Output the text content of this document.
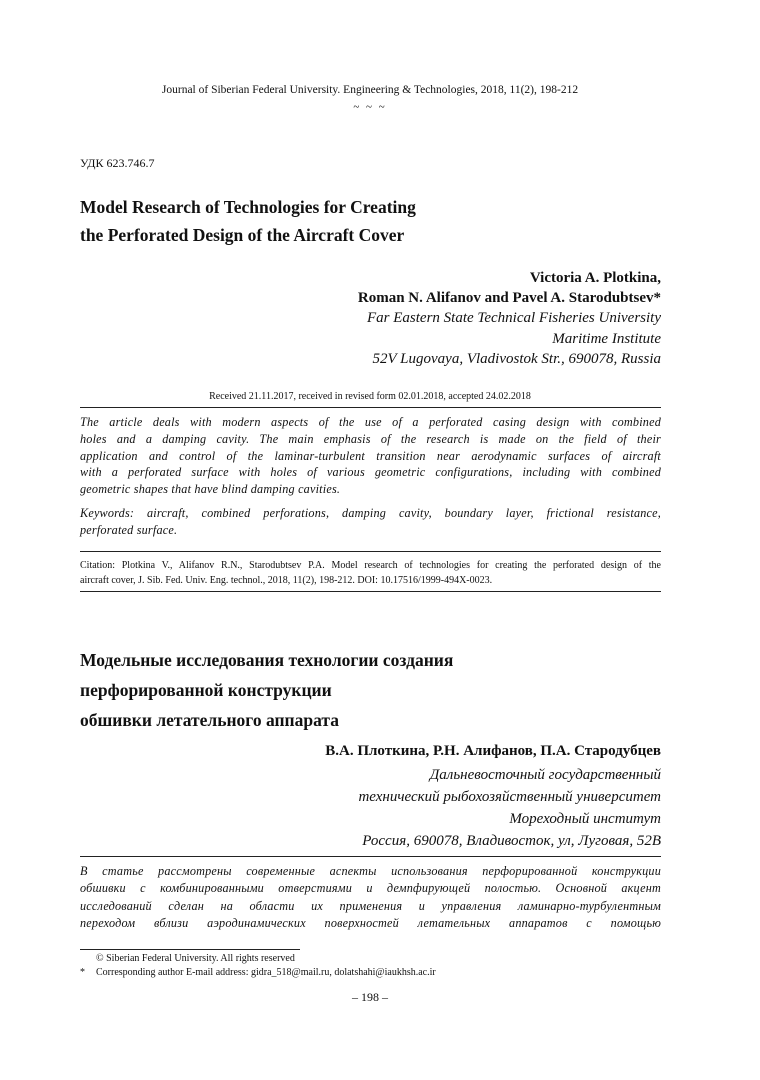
Journal of Siberian Federal University. Engineering & Technologies, 2018, 11(2), 198-212
~ ~ ~
УДК 623.746.7
Model Research of Technologies for Creating
the Perforated Design of the Aircraft Cover
Victoria A. Plotkina,
Roman N. Alifanov and Pavel A. Starodubtsev*
Far Eastern State Technical Fisheries University
Maritime Institute
52V Lugovaya, Vladivostok Str., 690078, Russia
Received 21.11.2017, received in revised form 02.01.2018, accepted 24.02.2018
The article deals with modern aspects of the use of a perforated casing design with combined
holes and a damping cavity. The main emphasis of the research is made on the field of their
application and control of the laminar-turbulent transition near aerodynamic surfaces of aircraft
with a perforated surface with holes of various geometric configurations, including with combined
geometric shapes that have blind damping cavities.
Keywords: aircraft, combined perforations, damping cavity, boundary layer, frictional resistance,
perforated surface.
Citation: Plotkina V., Alifanov R.N., Starodubtsev P.A. Model research of technologies for creating the perforated design of the
aircraft cover, J. Sib. Fed. Univ. Eng. technol., 2018, 11(2), 198-212. DOI: 10.17516/1999-494X-0023.
Модельные исследования технологии создания
перфорированной конструкции
обшивки летательного аппарата
В.А. Плоткина, Р.Н. Алифанов, П.А. Стародубцев
Дальневосточный государственный
технический рыбохозяйственный университет
Мореходный институт
Россия, 690078, Владивосток, ул, Луговая, 52В
В статье рассмотрены современные аспекты использования перфорированной конструкции
обшивки с комбинированными отверстиями и демпфирующей полостью. Основной акцент
исследований сделан на области их применения и управления ламинарно-турбулентным
переходом вблизи аэродинамических поверхностей летательных аппаратов с помощью
© Siberian Federal University. All rights reserved
* Corresponding author E-mail address: gidra_518@mail.ru, dolatshahi@iaukhsh.ac.ir
– 198 –
